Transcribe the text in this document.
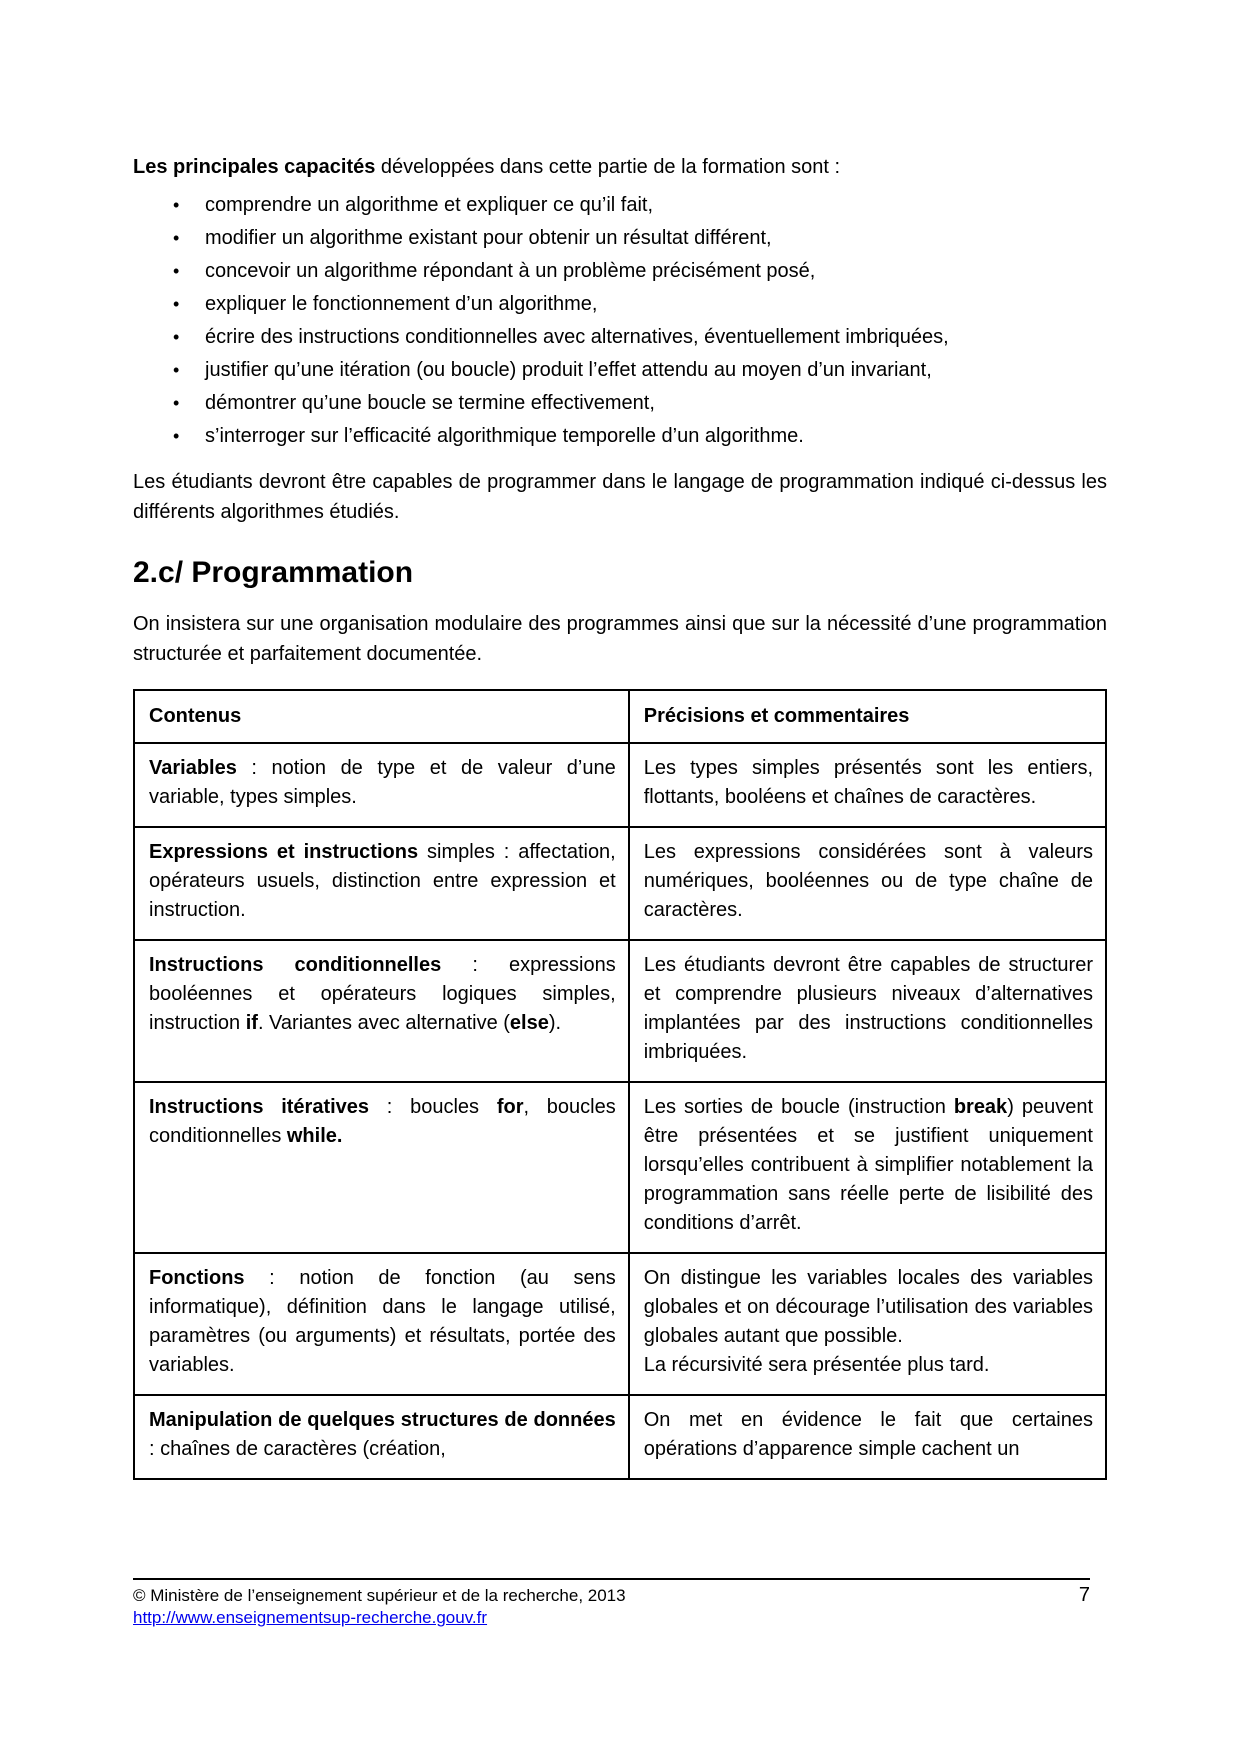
Les principales capacités développées dans cette partie de la formation sont :

•	comprendre un algorithme et expliquer ce qu’il fait,
•	modifier un algorithme existant pour obtenir un résultat différent,
•	concevoir un algorithme répondant à un problème précisément posé,
•	expliquer le fonctionnement d’un algorithme,
•	écrire des instructions conditionnelles avec alternatives, éventuellement imbriquées,
•	justifier qu’une itération (ou boucle) produit l’effet attendu au moyen d’un invariant,
•	démontrer qu’une boucle se termine effectivement,
•	s’interroger sur l’efficacité algorithmique temporelle d’un algorithme.

Les étudiants devront être capables de programmer dans le langage de programmation indiqué ci-dessus les différents algorithmes étudiés.

2.c/ Programmation

On insistera sur une organisation modulaire des programmes ainsi que sur la nécessité d’une programmation structurée et parfaitement documentée.

Contenus	Précisions et commentaires

Variables : notion de type et de valeur d’une variable, types simples.	Les types simples présentés sont les entiers, flottants, booléens et chaînes de caractères.

Expressions et instructions simples : affectation, opérateurs usuels, distinction entre expression et instruction.	Les expressions considérées sont à valeurs numériques, booléennes ou de type chaîne de caractères.

Instructions conditionnelles : expressions booléennes et opérateurs logiques simples, instruction if. Variantes avec alternative (else).	Les étudiants devront être capables de structurer et comprendre plusieurs niveaux d’alternatives implantées par des instructions conditionnelles imbriquées.

Instructions itératives : boucles for, boucles conditionnelles while.	Les sorties de boucle (instruction break) peuvent être présentées et se justifient uniquement lorsqu’elles contribuent à simplifier notablement la programmation sans réelle perte de lisibilité des conditions d’arrêt.

Fonctions : notion de fonction (au sens informatique), définition dans le langage utilisé, paramètres (ou arguments) et résultats, portée des variables.	On distingue les variables locales des variables globales et on décourage l’utilisation des variables globales autant que possible.
La récursivité sera présentée plus tard.

Manipulation de quelques structures de données : chaînes de caractères (création,	On met en évidence le fait que certaines opérations d’apparence simple cachent un
© Ministère de l’enseignement supérieur et de la recherche, 2013	7
http://www.enseignementsup-recherche.gouv.fr
